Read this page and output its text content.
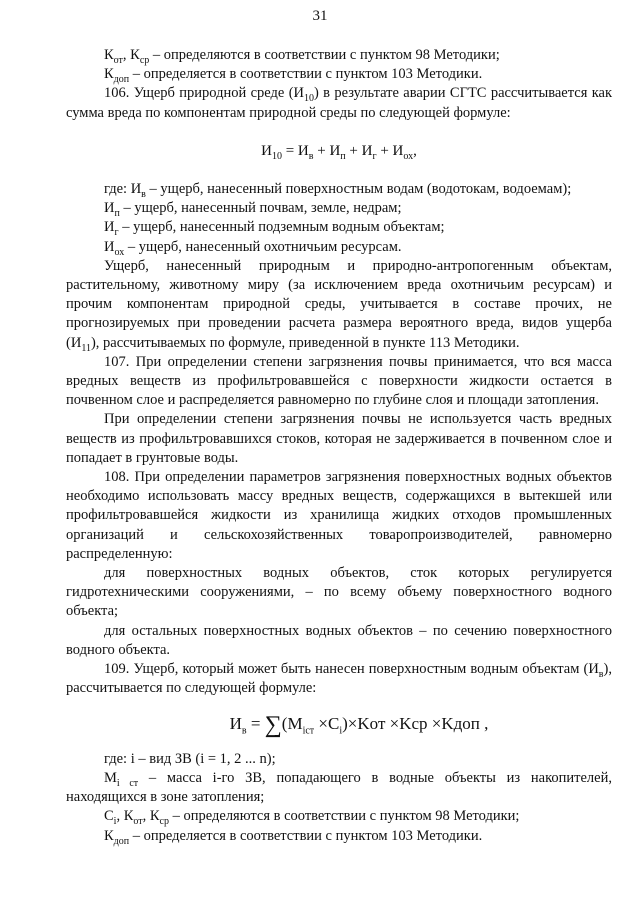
31

$К_{от}$, $К_{ср}$ – определяются в соответствии с пунктом 98 Методики;

$К_{доп}$ – определяется в соответствии с пунктом 103 Методики.

106. Ущерб природной среде $(И_{10})$ в результате аварии СГТС рассчитывается как сумма вреда по компонентам природной среды по следующей формуле:

$И_{10} = И_в + И_п + И_г + И_{ох}$,

где: $И_в$ – ущерб, нанесенный поверхностным водам (водотокам, водоемам);

$И_п$ – ущерб, нанесенный почвам, земле, недрам;

$И_г$ – ущерб, нанесенный подземным водным объектам;

$И_{ох}$ – ущерб, нанесенный охотничьим ресурсам.

Ущерб, нанесенный природным и природно-антропогенным объектам, растительному, животному миру (за исключением вреда охотничьим ресурсам) и прочим компонентам природной среды, учитывается в составе прочих, не прогнозируемых при проведении расчета размера вероятного вреда, видов ущерба $(И_{11})$, рассчитываемых по формуле, приведенной в пункте 113 Методики.

107. При определении степени загрязнения почвы принимается, что вся масса вредных веществ из профильтровавшейся с поверхности жидкости остается в почвенном слое и распределяется равномерно по глубине слоя и площади затопления.

При определении степени загрязнения почвы не используется часть вредных веществ из профильтровавшихся стоков, которая не задерживается в почвенном слое и попадает в грунтовые воды.

108. При определении параметров загрязнения поверхностных водных объектов необходимо использовать массу вредных веществ, содержащихся в вытекшей или профильтровавшейся жидкости из хранилища жидких отходов промышленных организаций и сельскохозяйственных товаропроизводителей, равномерно распределенную:

для поверхностных водных объектов, сток которых регулируется гидротехническими сооружениями, – по всему объему поверхностного водного объекта;

для остальных поверхностных водных объектов – по сечению поверхностного водного объекта.

109. Ущерб, который может быть нанесен поверхностным водным объектам $(И_в)$, рассчитывается по следующей формуле:

$И_в = \sum(M_{iст} \times C_i)\times Kот \times Kср$ ×Kдоп ,

где: i – вид ЗВ (i = 1, 2 ... n);

$M_{i ст}$ – масса i-го ЗВ, попадающего в водные объекты из накопителей, находящихся в зоне затопления;

$C_i$, $К_{от}$, $К_{ср}$ – определяются в соответствии с пунктом 98 Методики;

$К_{доп}$ – определяется в соответствии с пунктом 103 Методики.
